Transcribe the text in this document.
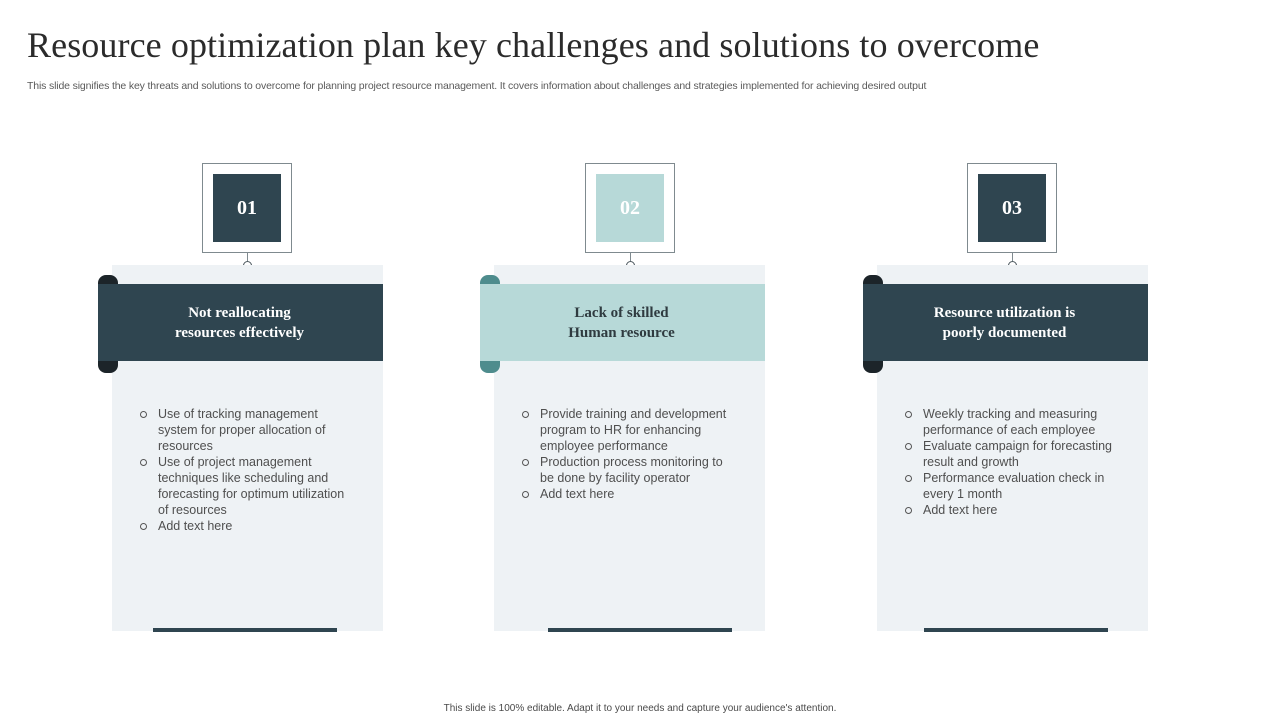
Resource optimization plan key challenges and solutions to overcome

This slide signifies the key threats and solutions to overcome for planning project resource management. It covers information about challenges and strategies implemented for achieving desired output

01
Not reallocating
resources effectively
Use of tracking management system for proper allocation of resources
Use of project management techniques like scheduling and forecasting for optimum utilization of resources
Add text here
02
Lack of skilled
Human resource
Provide training and development program to HR for enhancing employee performance
Production process monitoring to be done by facility operator
Add text here
03
Resource utilization is
poorly documented
Weekly tracking and measuring performance of each employee
Evaluate campaign for forecasting result and growth
Performance evaluation check in every 1 month
Add text here

This slide is 100% editable. Adapt it to your needs and capture your audience's attention.
